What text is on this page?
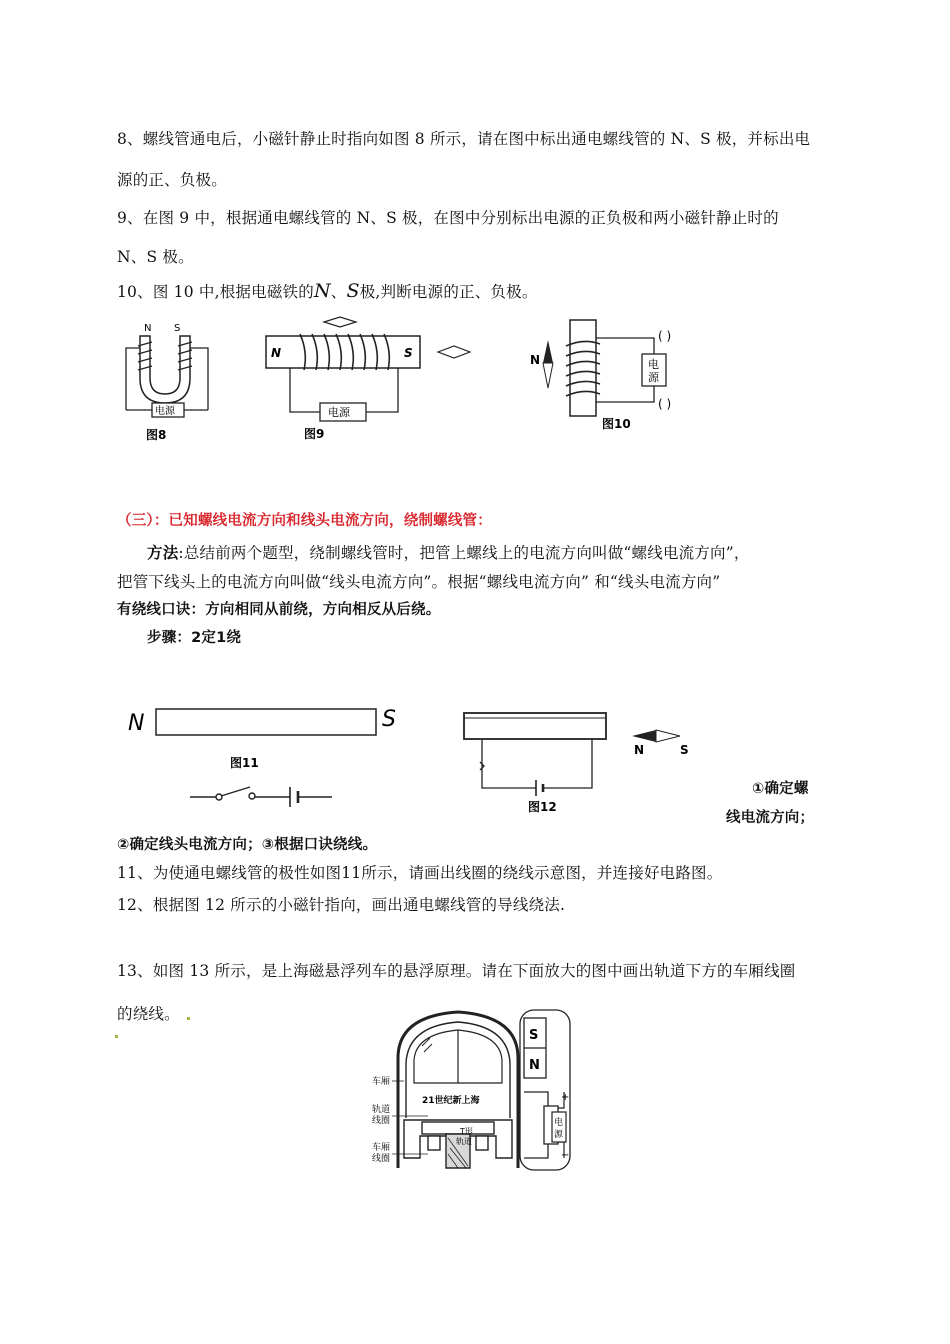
8、螺线管通电后，小磁针静止时指向如图 8 所示，请在图中标出通电螺线管的 N、S 极，并标出电
源的正、负极。
9、在图 9 中，根据通电螺线管的 N、S 极，在图中分别标出电源的正负极和两小磁针静止时的
N、S 极。
10、图 10 中,根据电磁铁的N、S极,判断电源的正、负极。
N S
电源
图8
N	S
电源
图9
N	电
源
( )
( )
图10
（三）：已知螺线电流方向和线头电流方向，绕制螺线管：
方法:总结前两个题型，绕制螺线管时，把管上螺线上的电流方向叫做“螺线电流方向”，
把管下线头上的电流方向叫做“线头电流方向”。根据“螺线电流方向” 和“线头电流方向”
有绕线口诀：方向相同从前绕，方向相反从后绕。
步骤：2定1绕
N	S
图11
N	S
图12
①确定螺
线电流方向；
②确定线头电流方向；③根据口诀绕线。
11、为使通电螺线管的极性如图11所示，请画出线圈的绕线示意图，并连接好电路图。
12、根据图 12 所示的小磁针指向，画出通电螺线管的导线绕法.
13、如图 13 所示，是上海磁悬浮列车的悬浮原理。请在下面放大的图中画出轨道下方的车厢线圈
的绕线。
21世纪新上海
T形
轨道
车厢
轨道
线圈
车厢
线圈
S
N
电
源
+
−
